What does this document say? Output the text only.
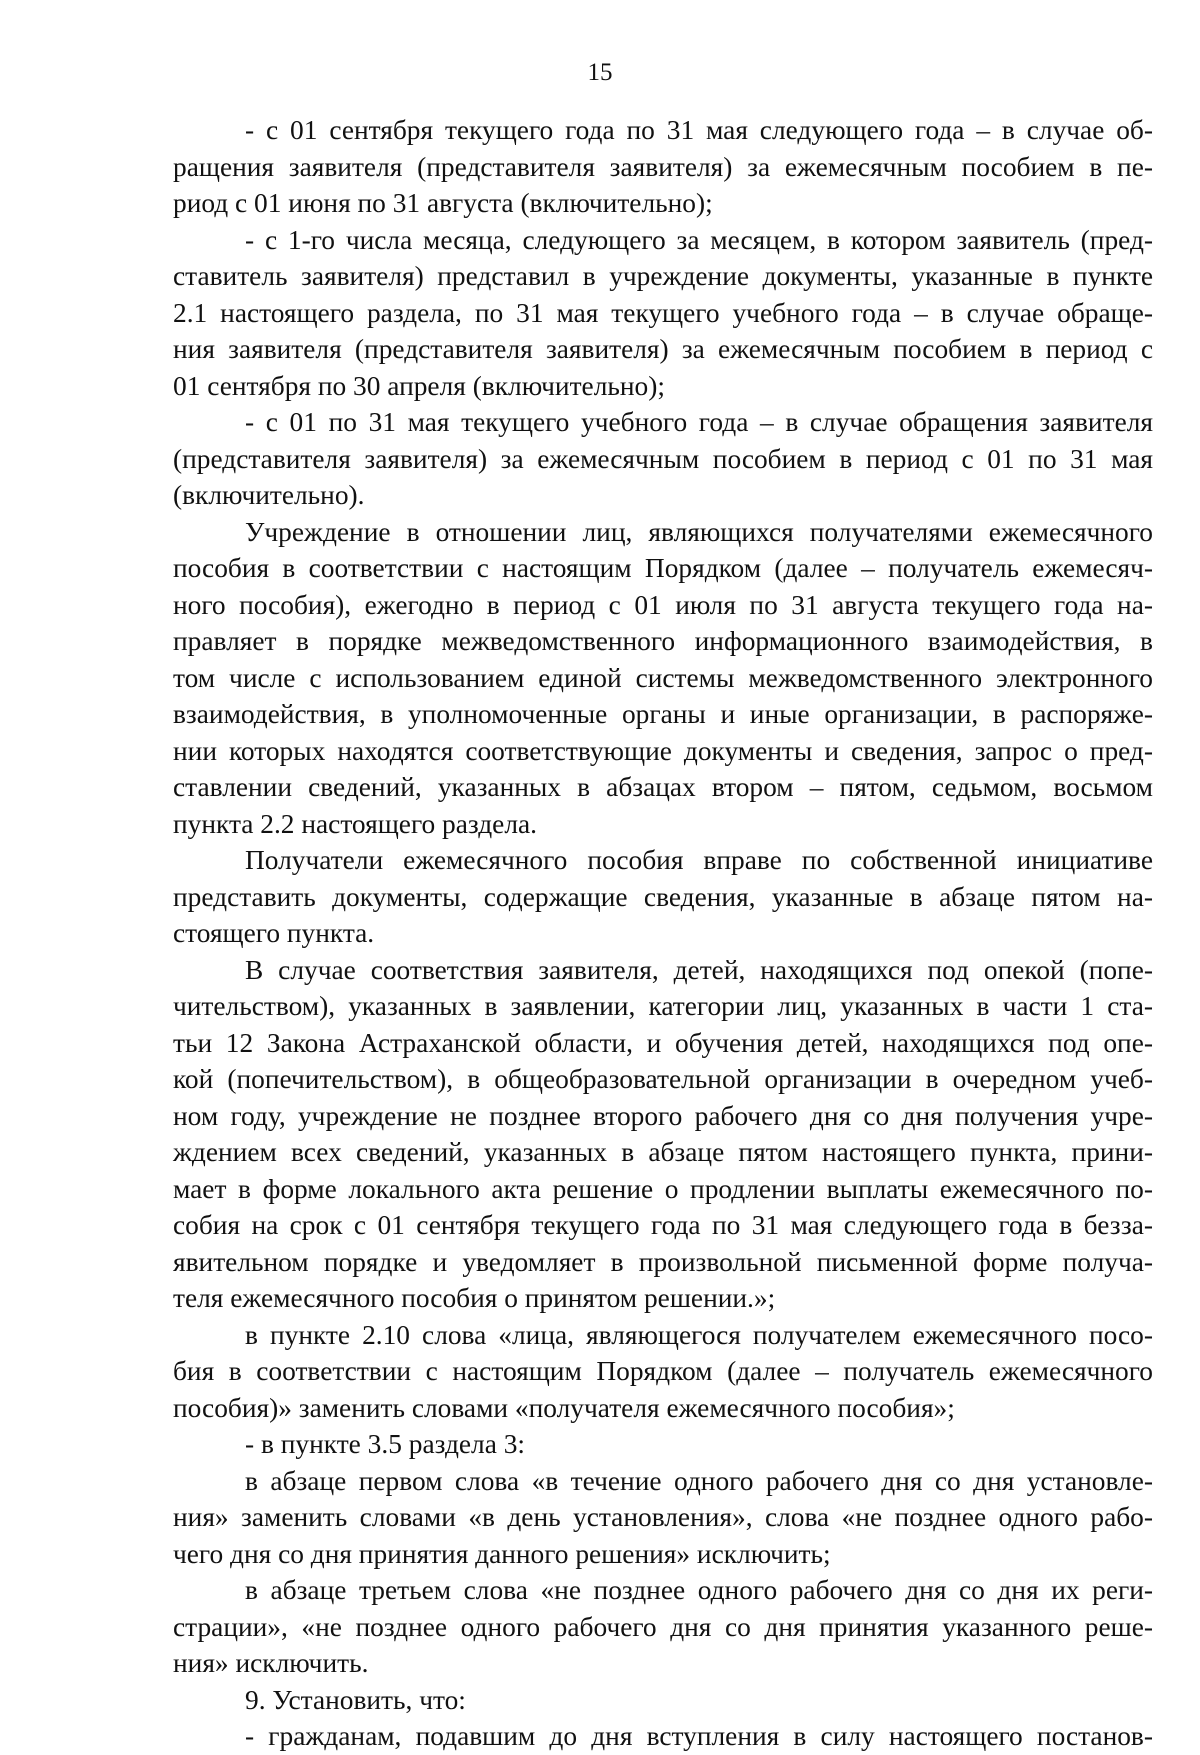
15
- с 01 сентября текущего года по 31 мая следующего года – в случае об-
ращения заявителя (представителя заявителя) за ежемесячным пособием в пе-
риод с 01 июня по 31 августа (включительно);
- с 1-го числа месяца, следующего за месяцем, в котором заявитель (пред-
ставитель заявителя) представил в учреждение документы, указанные в пункте
2.1 настоящего раздела, по 31 мая текущего учебного года – в случае обраще-
ния заявителя (представителя заявителя) за ежемесячным пособием в период с
01 сентября по 30 апреля (включительно);
- с 01 по 31 мая текущего учебного года – в случае обращения заявителя
(представителя заявителя) за ежемесячным пособием в период с 01 по 31 мая
(включительно).
Учреждение в отношении лиц, являющихся получателями ежемесячного
пособия в соответствии с настоящим Порядком (далее – получатель ежемесяч-
ного пособия), ежегодно в период с 01 июля по 31 августа текущего года на-
правляет в порядке межведомственного информационного взаимодействия, в
том числе с использованием единой системы межведомственного электронного
взаимодействия, в уполномоченные органы и иные организации, в распоряже-
нии которых находятся соответствующие документы и сведения, запрос о пред-
ставлении сведений, указанных в абзацах втором – пятом, седьмом, восьмом
пункта 2.2 настоящего раздела.
Получатели ежемесячного пособия вправе по собственной инициативе
представить документы, содержащие сведения, указанные в абзаце пятом на-
стоящего пункта.
В случае соответствия заявителя, детей, находящихся под опекой (попе-
чительством), указанных в заявлении, категории лиц, указанных в части 1 ста-
тьи 12 Закона Астраханской области, и обучения детей, находящихся под опе-
кой (попечительством), в общеобразовательной организации в очередном учеб-
ном году, учреждение не позднее второго рабочего дня со дня получения учре-
ждением всех сведений, указанных в абзаце пятом настоящего пункта, прини-
мает в форме локального акта решение о продлении выплаты ежемесячного по-
собия на срок с 01 сентября текущего года по 31 мая следующего года в безза-
явительном порядке и уведомляет в произвольной письменной форме получа-
теля ежемесячного пособия о принятом решении.»;
в пункте 2.10 слова «лица, являющегося получателем ежемесячного посо-
бия в соответствии с настоящим Порядком (далее – получатель ежемесячного
пособия)» заменить словами «получателя ежемесячного пособия»;
- в пункте 3.5 раздела 3:
в абзаце первом слова «в течение одного рабочего дня со дня установле-
ния» заменить словами «в день установления», слова «не позднее одного рабо-
чего дня со дня принятия данного решения» исключить;
в абзаце третьем слова «не позднее одного рабочего дня со дня их реги-
страции», «не позднее одного рабочего дня со дня принятия указанного реше-
ния» исключить.
9. Установить, что:
- гражданам, подавшим до дня вступления в силу настоящего постанов-
